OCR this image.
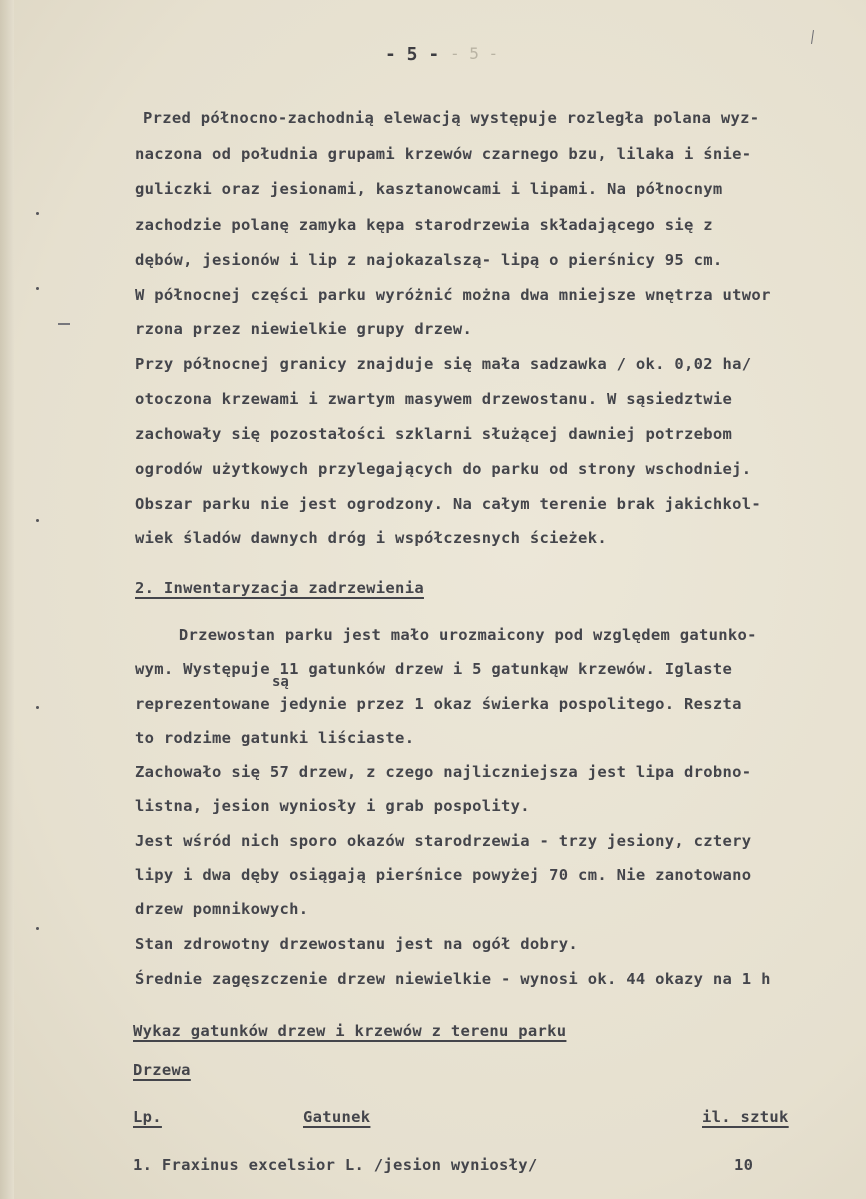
- 5 - - 5 -
Przed północno-zachodnią elewacją występuje rozległa polana wyz-
naczona od południa grupami krzewów czarnego bzu, lilaka i śnie-
guliczki oraz jesionami, kasztanowcami i lipami. Na północnym
zachodzie polanę zamyka kępa starodrzewia składającego się z
dębów, jesionów i lip z najokazalszą- lipą o pierśnicy 95 cm.
W północnej części parku wyróżnić można dwa mniejsze wnętrza utwor
rzona przez niewielkie grupy drzew.
Przy północnej granicy znajduje się mała sadzawka / ok. 0,02 ha/
otoczona krzewami i zwartym masywem drzewostanu. W sąsiedztwie
zachowały się pozostałości szklarni służącej dawniej potrzebom
ogrodów użytkowych przylegających do parku od strony wschodniej.
Obszar parku nie jest ogrodzony. Na całym terenie brak jakichkol-
wiek śladów dawnych dróg i współczesnych ścieżek.
2. Inwentaryzacja zadrzewienia
Drzewostan parku jest mało urozmaicony pod względem gatunko-
wym. Występuje 11 gatunków drzew i 5 gatunkąw krzewów. Iglaste
są
reprezentowane jedynie przez 1 okaz świerka pospolitego. Reszta
to rodzime gatunki liściaste.
Zachowało się 57 drzew, z czego najliczniejsza jest lipa drobno-
listna, jesion wyniosły i grab pospolity.
Jest wśród nich sporo okazów starodrzewia - trzy jesiony, cztery
lipy i dwa dęby osiągają pierśnice powyżej 70 cm. Nie zanotowano
drzew pomnikowych.
Stan zdrowotny drzewostanu jest na ogół dobry.
Średnie zagęszczenie drzew niewielkie - wynosi ok. 44 okazy na 1 h
Wykaz gatunków drzew i krzewów z terenu parku
Drzewa
Lp.	Gatunek	il. sztuk
1. Fraxinus excelsior L. /jesion wyniosły/	10
